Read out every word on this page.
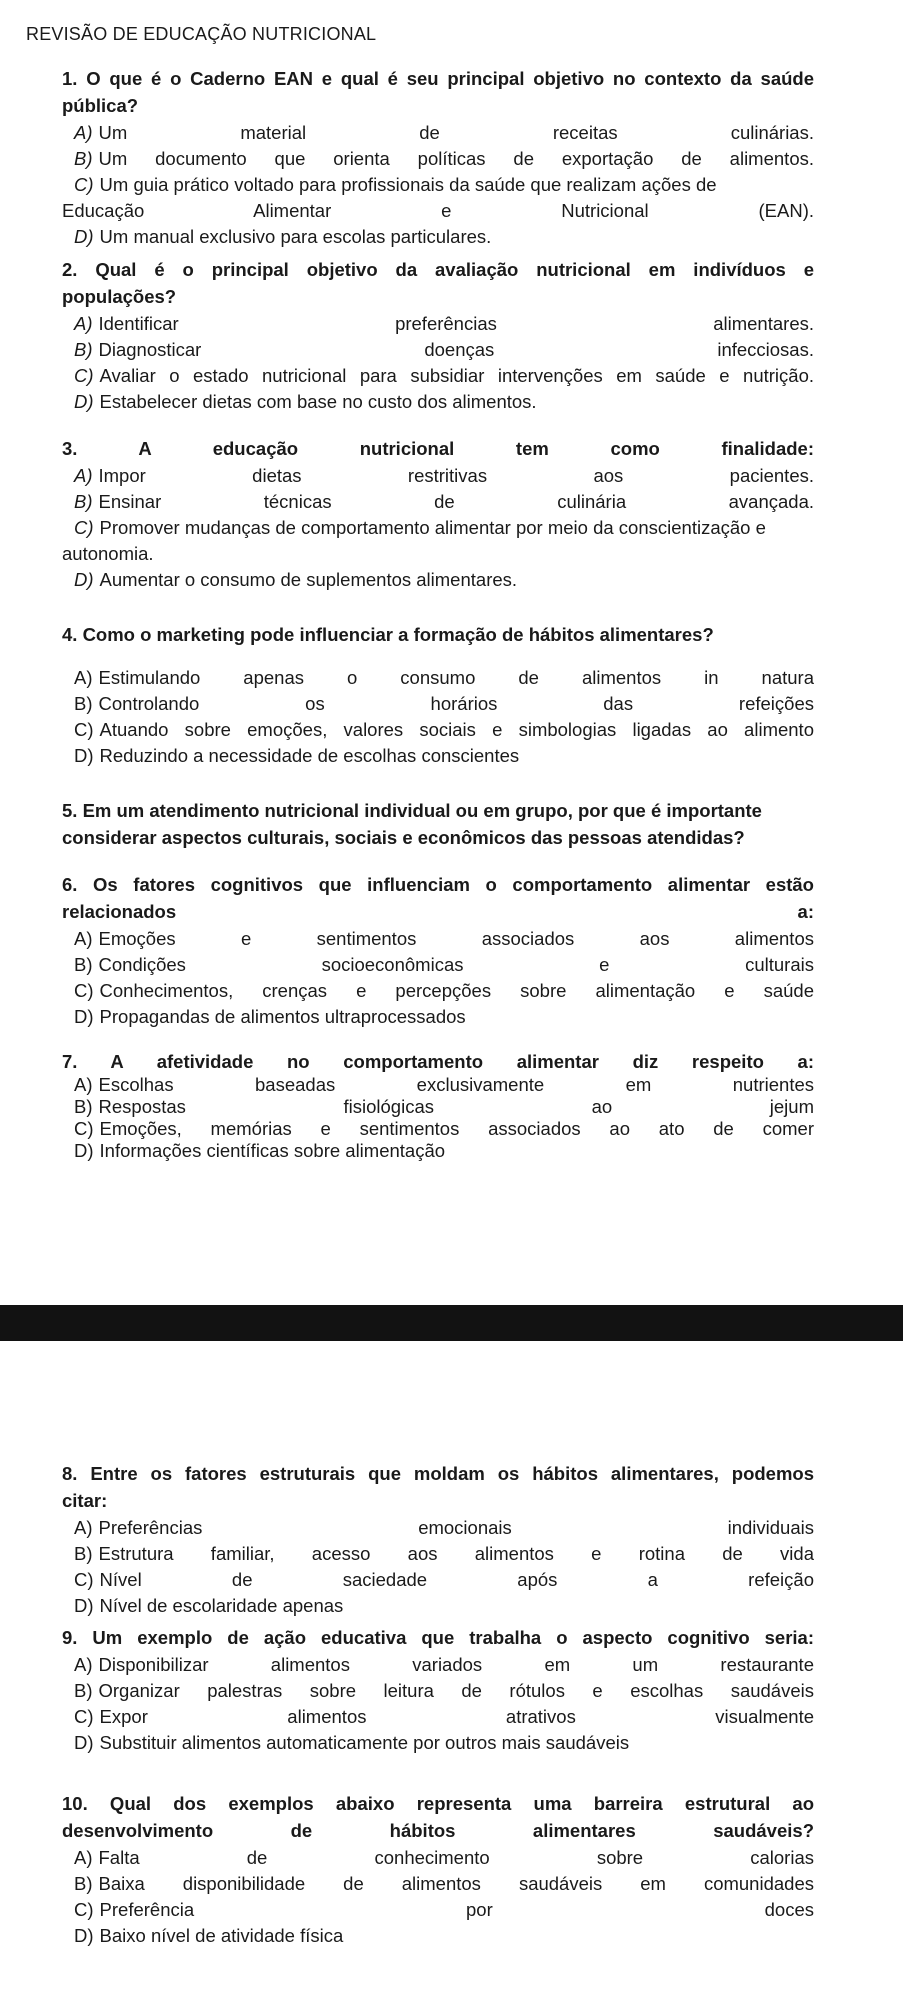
REVISÃO DE EDUCAÇÃO NUTRICIONAL
1. O que é o Caderno EAN e qual é seu principal objetivo no contexto da saúde
pública?
A) Um material de receitas culinárias.
B) Um documento que orienta políticas de exportação de alimentos.
C) Um guia prático voltado para profissionais da saúde que realizam ações de
Educação Alimentar e Nutricional (EAN).
D) Um manual exclusivo para escolas particulares.
2. Qual é o principal objetivo da avaliação nutricional em indivíduos e
populações?
A) Identificar preferências alimentares.
B) Diagnosticar doenças infecciosas.
C) Avaliar o estado nutricional para subsidiar intervenções em saúde e nutrição.
D) Estabelecer dietas com base no custo dos alimentos.
3. A educação nutricional tem como finalidade:
A) Impor dietas restritivas aos pacientes.
B) Ensinar técnicas de culinária avançada.
C) Promover mudanças de comportamento alimentar por meio da conscientização e
autonomia.
D) Aumentar o consumo de suplementos alimentares.
4. Como o marketing pode influenciar a formação de hábitos alimentares?
A) Estimulando apenas o consumo de alimentos in natura
B) Controlando os horários das refeições
C) Atuando sobre emoções, valores sociais e simbologias ligadas ao alimento
D) Reduzindo a necessidade de escolhas conscientes
5. Em um atendimento nutricional individual ou em grupo, por que é importante
considerar aspectos culturais, sociais e econômicos das pessoas atendidas?
6. Os fatores cognitivos que influenciam o comportamento alimentar estão
relacionados a:
A) Emoções e sentimentos associados aos alimentos
B) Condições socioeconômicas e culturais
C) Conhecimentos, crenças e percepções sobre alimentação e saúde
D) Propagandas de alimentos ultraprocessados
7. A afetividade no comportamento alimentar diz respeito a:
A) Escolhas baseadas exclusivamente em nutrientes
B) Respostas fisiológicas ao jejum
C) Emoções, memórias e sentimentos associados ao ato de comer
D) Informações científicas sobre alimentação
8. Entre os fatores estruturais que moldam os hábitos alimentares, podemos
citar:
A) Preferências emocionais individuais
B) Estrutura familiar, acesso aos alimentos e rotina de vida
C) Nível de saciedade após a refeição
D) Nível de escolaridade apenas
9. Um exemplo de ação educativa que trabalha o aspecto cognitivo seria:
A) Disponibilizar alimentos variados em um restaurante
B) Organizar palestras sobre leitura de rótulos e escolhas saudáveis
C) Expor alimentos atrativos visualmente
D) Substituir alimentos automaticamente por outros mais saudáveis
10. Qual dos exemplos abaixo representa uma barreira estrutural ao
desenvolvimento de hábitos alimentares saudáveis?
A) Falta de conhecimento sobre calorias
B) Baixa disponibilidade de alimentos saudáveis em comunidades
C) Preferência por doces
D) Baixo nível de atividade física
